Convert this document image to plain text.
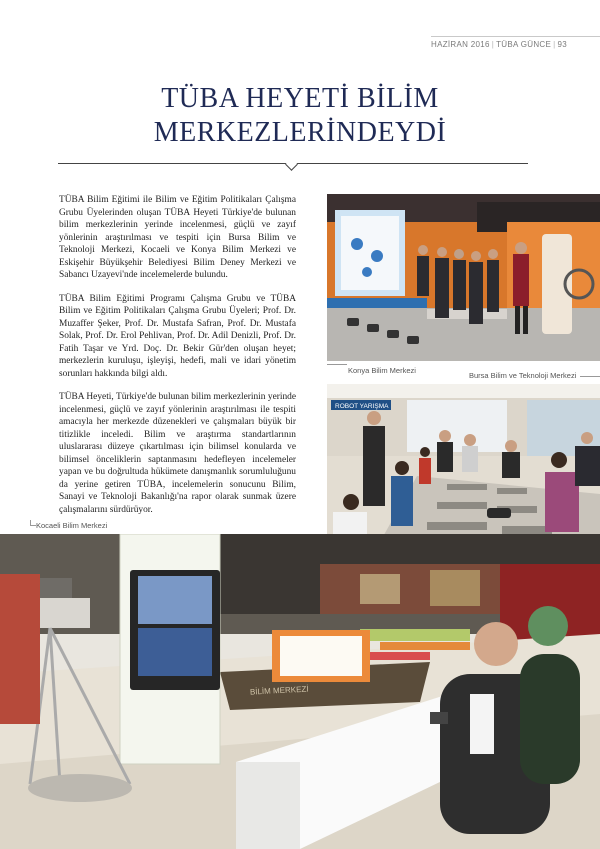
HAZİRAN 2016 | TÜBA GÜNCE | 93
TÜBA HEYETİ BİLİM
MERKEZLERİNDEYDİ

TÜBA Bilim Eğitimi ile Bilim ve Eğitim Politikaları Çalışma Grubu Üyelerinden oluşan TÜBA Heyeti Türkiye'de bulunan bilim merkezlerinin yerinde incelenmesi, güçlü ve zayıf yönlerinin araştırılması ve tespiti için Bursa Bilim ve Teknoloji Merkezi, Kocaeli ve Konya Bilim Merkezi ve Eskişehir Büyükşehir Belediyesi Bilim Deney Merkezi ve Sabancı Uzayevi'nde incelemelerde bulundu.

TÜBA Bilim Eğitimi Programı Çalışma Grubu ve TÜBA Bilim ve Eğitim Politikaları Çalışma Grubu Üyeleri; Prof. Dr. Muzaffer Şeker, Prof. Dr. Mustafa Safran, Prof. Dr. Mustafa Solak, Prof. Dr. Erol Pehlivan, Prof. Dr. Adil Denizli, Prof. Dr. Fatih Taşar ve Yrd. Doç. Dr. Bekir Gür'den oluşan heyet; merkezlerin kuruluşu, işleyişi, hedefi, mali ve idari yönetim sorunları hakkında bilgi aldı.

TÜBA Heyeti, Türkiye'de bulunan bilim merkezlerinin yerinde incelenmesi, güçlü ve zayıf yönlerinin araştırılması ile tespiti amacıyla her merkezde düzenekleri ve çalışmaları büyük bir titizlikle inceledi. Bilim ve araştırma standartlarının uluslararası düzeye çıkartılması için bilimsel konularda ve bilimsel önceliklerin saptanmasını hedefleyen incelemeler yapan ve bu doğrultuda hükümete danışmanlık sorumluluğunu da yerine getiren TÜBA, incelemelerin sonucunu Bilim, Sanayi ve Teknoloji Bakanlığı'na rapor olarak sunmak üzere çalışmalarını sürdürüyor.

Konya Bilim Merkezi
Bursa Bilim ve Teknoloji Merkezi
ROBOT YARIŞMA
Kocaeli Bilim Merkezi
BİLİM MERKEZİ
